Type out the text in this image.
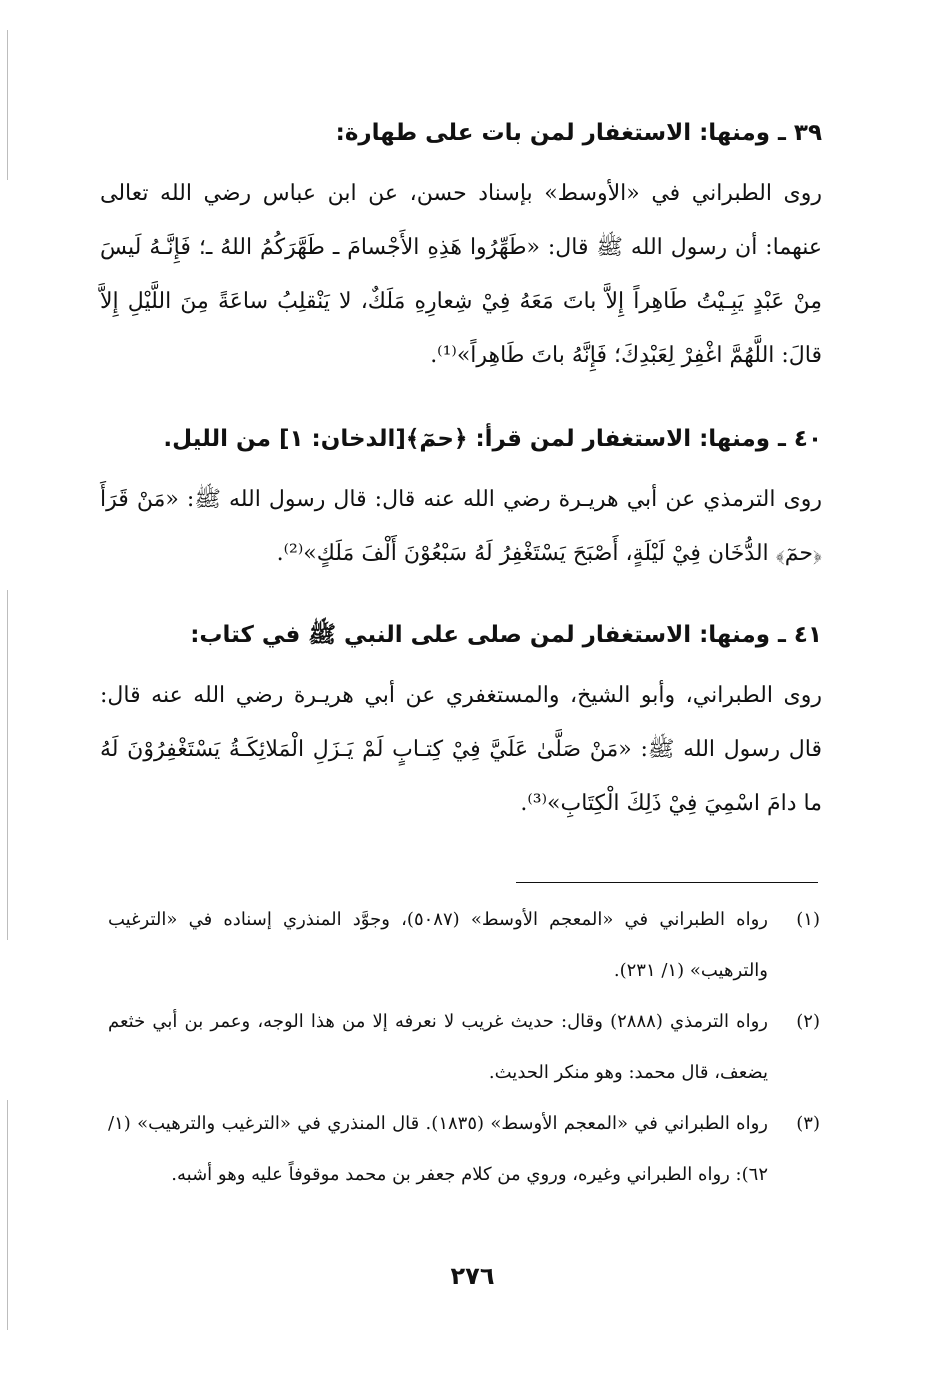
٣٩ ـ ومنها: الاستغفار لمن بات على طهارة:

روى الطبراني في «الأوسط» بإسناد حسن، عن ابن عباس رضي الله تعالى عنهما: أن رسول الله ﷺ قال: «طَهِّرُوا هَذِهِ الأَجْسامَ ـ طَهَّرَكُمُ اللهُ ـ؛ فَإِنَّـهُ لَيسَ مِنْ عَبْدٍ يَبِـيْتُ طَاهِراً إِلاَّ باتَ مَعَهُ فِيْ شِعارِهِ مَلَكٌ، لا يَنْقلِبُ ساعَةً مِنَ اللَّيْلِ إِلاَّ قالَ: اللَّهُمَّ اغْفِرْ لِعَبْدِكَ؛ فَإِنَّهُ باتَ طَاهِراً»⁽¹⁾.

٤٠ ـ ومنها: الاستغفار لمن قرأ: ﴿حمٓ﴾[الدخان: ١] من الليل.

روى الترمذي عن أبي هريـرة رضي الله عنه قال: قال رسول الله ﷺ: «مَنْ قَرَأَ ﴿حمٓ﴾ الدُّخَان فِيْ لَيْلَةٍ، أَصْبَحَ يَسْتَغْفِرُ لَهُ سَبْعُوْنَ أَلْفَ مَلَكٍ»⁽²⁾.

٤١ ـ ومنها: الاستغفار لمن صلى على النبي ﷺ في كتاب:

روى الطبراني، وأبو الشيخ، والمستغفري عن أبي هريـرة رضي الله عنه قال: قال رسول الله ﷺ: «مَنْ صَلَّىٰ عَلَيَّ فِيْ كِتـابٍ لَمْ يَـزَلِ الْمَلائِكَـةُ يَسْتَغْفِرُوْنَ لَهُ ما دامَ اسْمِيَ فِيْ ذَلِكَ الْكِتَابِ»⁽³⁾.

(١)
رواه الطبراني في «المعجم الأوسط» (٥٠٨٧)، وجوَّد المنذري إسناده في «الترغيب والترهيب» (١/ ٢٣١).
(٢)
رواه الترمذي (٢٨٨٨) وقال: حديث غريب لا نعرفه إلا من هذا الوجه، وعمر بن أبي خثعم يضعف، قال محمد: وهو منكر الحديث.
(٣)
رواه الطبراني في «المعجم الأوسط» (١٨٣٥). قال المنذري في «الترغيب والترهيب» (١/ ٦٢): رواه الطبراني وغيره، وروي من كلام جعفر بن محمد موقوفاً عليه وهو أشبه.
٢٧٦
